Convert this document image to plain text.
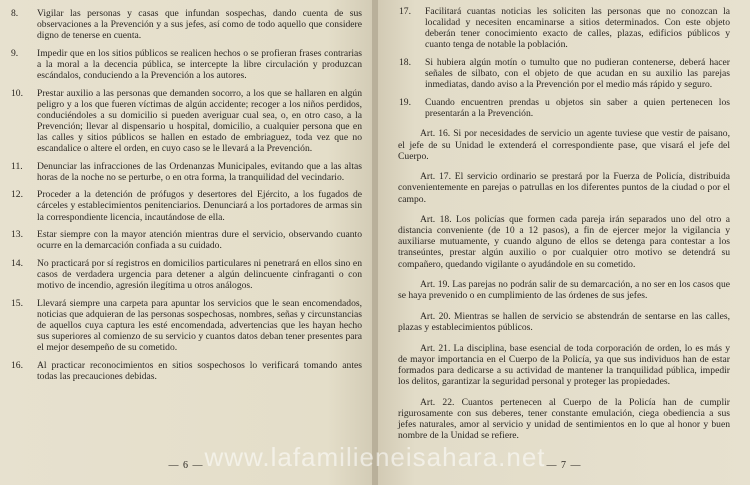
8.	Vigilar las personas y casas que infundan sospechas, dando cuenta de sus observaciones a la Prevención y a sus jefes, así como de todo aquello que considere digno de tenerse en cuenta.
9.	Impedir que en los sitios públicos se realicen hechos o se profieran frases contrarias a la moral a la decencia pública, se intercepte la libre circulación y produzcan escándalos, conduciendo a la Prevención a los autores.
10.	Prestar auxilio a las personas que demanden socorro, a los que se hallaren en algún peligro y a los que fueren víctimas de algún accidente; recoger a los niños perdidos, conduciéndoles a su domicilio si pueden averiguar cual sea, o, en otro caso, a la Prevención; llevar al dispensario u hospital, domicilio, a cualquier persona que en las calles y sitios públicos se hallen en estado de embriaguez, toda vez que no escandalice o altere el orden, en cuyo caso se le llevará a la Prevención.
11.	Denunciar las infracciones de las Ordenanzas Municipales, evitando que a las altas horas de la noche no se perturbe, o en otra forma, la tranquilidad del vecindario.
12.	Proceder a la detención de prófugos y desertores del Ejército, a los fugados de cárceles y establecimientos penitenciarios. Denunciará a los portadores de armas sin la correspondiente licencia, incautándose de ella.
13.	Estar siempre con la mayor atención mientras dure el servicio, observando cuanto ocurre en la demarcación confiada a su cuidado.
14.	No practicará por sí registros en domicilios particulares ni penetrará en ellos sino en casos de verdadera urgencia para detener a algún delincuente cinfraganti o con motivo de incendio, agresión ilegítima u otros análogos.
15.	Llevará siempre una carpeta para apuntar los servicios que le sean encomendados, noticias que adquieran de las personas sospechosas, nombres, señas y circunstancias de aquellos cuya captura les esté encomendada, advertencias que les hayan hecho sus superiores al comienzo de su servicio y cuantos datos deban tener presentes para el mejor desempeño de su cometido.
16.	Al practicar reconocimientos en sitios sospechosos lo verificará tomando antes todas las precauciones debidas.
— 6 —
17.	Facilitará cuantas noticias les soliciten las personas que no conozcan la localidad y necesiten encaminarse a sitios determinados. Con este objeto deberán tener conocimiento exacto de calles, plazas, edificios públicos y cuanto tenga de notable la población.
18.	Si hubiera algún motín o tumulto que no pudieran contenerse, deberá hacer señales de silbato, con el objeto de que acudan en su auxilio las parejas inmediatas, dando aviso a la Prevención por el medio más rápido y seguro.
19.	Cuando encuentren prendas u objetos sin saber a quien pertenecen los presentarán a la Prevención.

Art. 16. Si por necesidades de servicio un agente tuviese que vestir de paisano, el jefe de su Unidad le extenderá el correspondiente pase, que visará el jefe del Cuerpo.

Art. 17. El servicio ordinario se prestará por la Fuerza de Policía, distribuida convenientemente en parejas o patrullas en los diferentes puntos de la ciudad o por el campo.

Art. 18. Los policías que formen cada pareja irán separados uno del otro a distancia conveniente (de 10 a 12 pasos), a fin de ejercer mejor la vigilancia y auxiliarse mutuamente, y cuando alguno de ellos se detenga para contestar a los transeúntes, prestar algún auxilio o por cualquier otro motivo se detendrá su compañero, quedando vigilante o ayudándole en su cometido.

Art. 19. Las parejas no podrán salir de su demarcación, a no ser en los casos que se haya prevenido o en cumplimiento de las órdenes de sus jefes.

Art. 20. Mientras se hallen de servicio se abstendrán de sentarse en las calles, plazas y establecimientos públicos.

Art. 21. La disciplina, base esencial de toda corporación de orden, lo es más y de mayor importancia en el Cuerpo de la Policía, ya que sus individuos han de estar formados para dedicarse a su actividad de mantener la tranquilidad pública, impedir los delitos, garantizar la seguridad personal y proteger las propiedades.

Art. 22. Cuantos pertenecen al Cuerpo de la Policía han de cumplir rigurosamente con sus deberes, tener constante emulación, ciega obediencia a sus jefes naturales, amor al servicio y unidad de sentimientos en lo que al honor y buen nombre de la Unidad se refiere.

— 7 —
www.lafamilieneisahara.net
